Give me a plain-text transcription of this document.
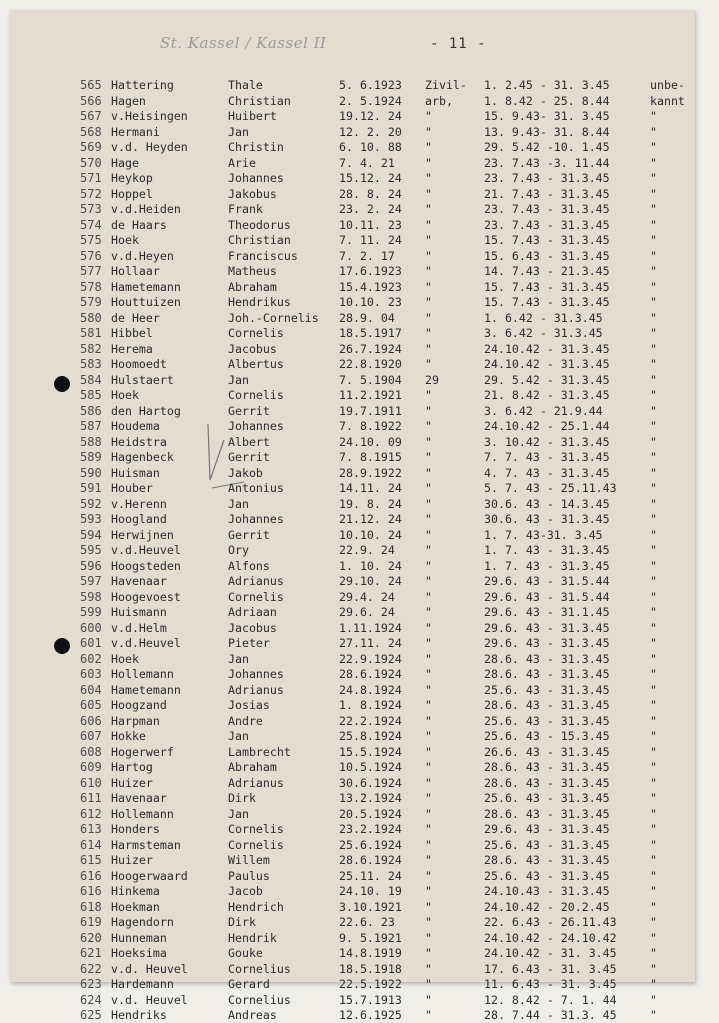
St. Kassel / Kassel II	- 11 -
565 Hattering	Thale	5. 6.1923	Zivil-	1. 2.45 - 31. 3.45	unbe-
566 Hagen	Christian	2. 5.1924	arb,	1. 8.42 - 25. 8.44	kannt
567 v.Heisingen	Huibert	19.12. 24	"	15. 9.43- 31. 3.45	"
568 Hermani	Jan	12. 2. 20	"	13. 9.43- 31. 8.44	"
569 v.d. Heyden	Christin	6. 10. 88	"	29. 5.42 -10. 1.45	"
570 Hage	Arie	7. 4. 21	"	23. 7.43 -3. 11.44	"
571 Heykop	Johannes	15.12. 24	"	23. 7.43 - 31.3.45	"
572 Hoppel	Jakobus	28. 8. 24	"	21. 7.43 - 31.3.45	"
573 v.d.Heiden	Frank	23. 2. 24	"	23. 7.43 - 31.3.45	"
574 de Haars	Theodorus	10.11. 23	"	23. 7.43 - 31.3.45	"
575 Hoek	Christian	7. 11. 24	"	15. 7.43 - 31.3.45	"
576 v.d.Heyen	Franciscus	7. 2. 17	"	15. 6.43 - 31.3.45	"
577 Hollaar	Matheus	17.6.1923	"	14. 7.43 - 21.3.45	"
578 Hametemann	Abraham	15.4.1923	"	15. 7.43 - 31.3.45	"
579 Houttuizen	Hendrikus	10.10. 23	"	15. 7.43 - 31.3.45	"
580 de Heer	Joh.-Cornelis	28.9. 04	"	1. 6.42 - 31.3.45	"
581 Hibbel	Cornelis	18.5.1917	"	3. 6.42 - 31.3.45	"
582 Herema	Jacobus	26.7.1924	"	24.10.42 - 31.3.45	"
583 Hoomoedt	Albertus	22.8.1920	"	24.10.42 - 31.3.45	"
584 Hulstaert	Jan	7. 5.1904	29	29. 5.42 - 31.3.45	"
585 Hoek	Cornelis	11.2.1921	"	21. 8.42 - 31.3.45	"
586 den Hartog	Gerrit	19.7.1911	"	3. 6.42 - 21.9.44	"
587 Houdema	Johannes	7. 8.1922	"	24.10.42 - 25.1.44	"
588 Heidstra	Albert	24.10. 09	"	3. 10.42 - 31.3.45	"
589 Hagenbeck	Gerrit	7. 8.1915	"	7. 7. 43 - 31.3.45	"
590 Huisman	Jakob	28.9.1922	"	4. 7. 43 - 31.3.45	"
591 Houber	Antonius	14.11. 24	"	5. 7. 43 - 25.11.43	"
592 v.Herenn	Jan	19. 8. 24	"	30.6. 43 - 14.3.45	"
593 Hoogland	Johannes	21.12. 24	"	30.6. 43 - 31.3.45	"
594 Herwijnen	Gerrit	10.10. 24	"	1. 7. 43-31. 3.45	"
595 v.d.Heuvel	Ory	22.9. 24	"	1. 7. 43 - 31.3.45	"
596 Hoogsteden	Alfons	1. 10. 24	"	1. 7. 43 - 31.3.45	"
597 Havenaar	Adrianus	29.10. 24	"	29.6. 43 - 31.5.44	"
598 Hoogevoest	Cornelis	29.4. 24	"	29.6. 43 - 31.5.44	"
599 Huismann	Adriaan	29.6. 24	"	29.6. 43 - 31.1.45	"
600 v.d.Helm	Jacobus	1.11.1924	"	29.6. 43 - 31.3.45	"
601 v.d.Heuvel	Pieter	27.11. 24	"	29.6. 43 - 31.3.45	"
602 Hoek	Jan	22.9.1924	"	28.6. 43 - 31.3.45	"
603 Hollemann	Johannes	28.6.1924	"	28.6. 43 - 31.3.45	"
604 Hametemann	Adrianus	24.8.1924	"	25.6. 43 - 31.3.45	"
605 Hoogzand	Josias	1. 8.1924	"	28.6. 43 - 31.3.45	"
606 Harpman	Andre	22.2.1924	"	25.6. 43 - 31.3.45	"
607 Hokke	Jan	25.8.1924	"	25.6. 43 - 15.3.45	"
608 Hogerwerf	Lambrecht	15.5.1924	"	26.6. 43 - 31.3.45	"
609 Hartog	Abraham	10.5.1924	"	28.6. 43 - 31.3.45	"
610 Huizer	Adrianus	30.6.1924	"	28.6. 43 - 31.3.45	"
611 Havenaar	Dirk	13.2.1924	"	25.6. 43 - 31.3.45	"
612 Hollemann	Jan	20.5.1924	"	28.6. 43 - 31.3.45	"
613 Honders	Cornelis	23.2.1924	"	29.6. 43 - 31.3.45	"
614 Harmsteman	Cornelis	25.6.1924	"	25.6. 43 - 31.3.45	"
615 Huizer	Willem	28.6.1924	"	28.6. 43 - 31.3.45	"
616 Hoogerwaard	Paulus	25.11. 24	"	25.6. 43 - 31.3.45	"
616 Hinkema	Jacob	24.10. 19	"	24.10.43 - 31.3.45	"
618 Hoekman	Hendrich	3.10.1921	"	24.10.42 - 20.2.45	"
619 Hagendorn	Dirk	22.6. 23	"	22. 6.43 - 26.11.43	"
620 Hunneman	Hendrik	9. 5.1921	"	24.10.42 - 24.10.42	"
621 Hoeksima	Gouke	14.8.1919	"	24.10.42 - 31. 3.45	"
622 v.d. Heuvel	Cornelius	18.5.1918	"	17. 6.43 - 31. 3.45	"
623 Hardemann	Gerard	22.5.1922	"	11. 6.43 - 31. 3.45	"
624 v.d. Heuvel	Cornelius	15.7.1913	"	12. 8.42 - 7. 1. 44	"
625 Hendriks	Andreas	12.6.1925	"	28. 7.44 - 31.3. 45	"
